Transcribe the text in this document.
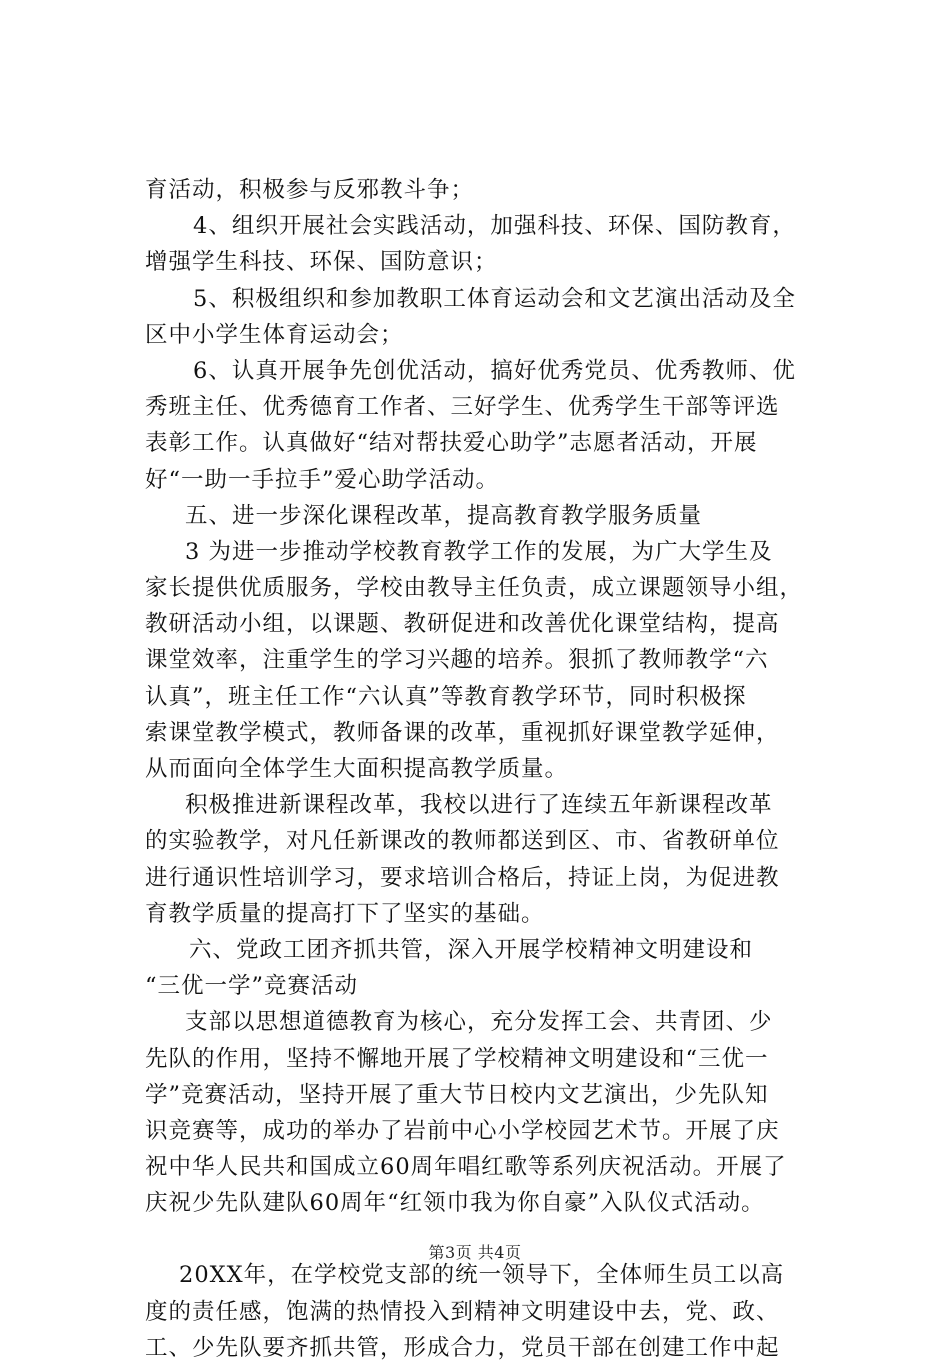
育活动，积极参与反邪教斗争；
4、组织开展社会实践活动，加强科技、环保、国防教育，
增强学生科技、环保、国防意识；
5、积极组织和参加教职工体育运动会和文艺演出活动及全
区中小学生体育运动会；
6、认真开展争先创优活动，搞好优秀党员、优秀教师、优
秀班主任、优秀德育工作者、三好学生、优秀学生干部等评选
表彰工作。认真做好“结对帮扶爱心助学”志愿者活动，开展
好“一助一手拉手”爱心助学活动。
五、进一步深化课程改革，提高教育教学服务质量
3 为进一步推动学校教育教学工作的发展，为广大学生及
家长提供优质服务，学校由教导主任负责，成立课题领导小组，
教研活动小组，以课题、教研促进和改善优化课堂结构，提高
课堂效率，注重学生的学习兴趣的培养。狠抓了教师教学“六
认真”，班主任工作“六认真”等教育教学环节，同时积极探
索课堂教学模式，教师备课的改革，重视抓好课堂教学延伸，
从而面向全体学生大面积提高教学质量。
积极推进新课程改革，我校以进行了连续五年新课程改革
的实验教学，对凡任新课改的教师都送到区、市、省教研单位
进行通识性培训学习，要求培训合格后，持证上岗，为促进教
育教学质量的提高打下了坚实的基础。
六、党政工团齐抓共管，深入开展学校精神文明建设和
“三优一学”竞赛活动
支部以思想道德教育为核心，充分发挥工会、共青团、少
先队的作用，坚持不懈地开展了学校精神文明建设和“三优一
学”竞赛活动，坚持开展了重大节日校内文艺演出，少先队知
识竞赛等，成功的举办了岩前中心小学校园艺术节。开展了庆
祝中华人民共和国成立60周年唱红歌等系列庆祝活动。开展了
庆祝少先队建队60周年“红领巾我为你自豪”入队仪式活动。
20XX年，在学校党支部的统一领导下，全体师生员工以高
度的责任感，饱满的热情投入到精神文明建设中去，党、政、
工、少先队要齐抓共管，形成合力，党员干部在创建工作中起
第3页 共4页
